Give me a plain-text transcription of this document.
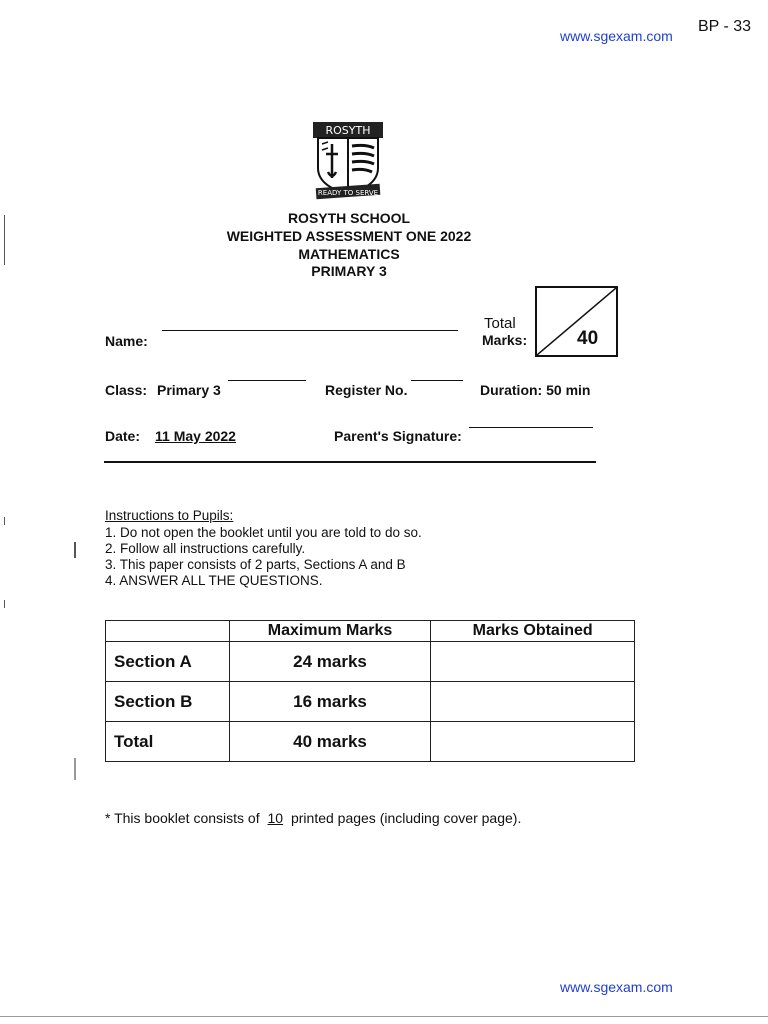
www.sgexam.com
BP - 33
ROSYTH
READY TO SERVE
ROSYTH SCHOOL
WEIGHTED ASSESSMENT ONE 2022
MATHEMATICS
PRIMARY 3
Total
Marks:	40
Name:
Class: Primary 3	Register No.	Duration: 50 min
Date: 11 May 2022	Parent's Signature:
Instructions to Pupils:
1. Do not open the booklet until you are told to do so.
2. Follow all instructions carefully.
3. This paper consists of 2 parts, Sections A and B
4. ANSWER ALL THE QUESTIONS.
	Maximum Marks	Marks Obtained
Section A	24 marks	
Section B	16 marks	
Total	40 marks	
* This booklet consists of 10 printed pages (including cover page).
www.sgexam.com
